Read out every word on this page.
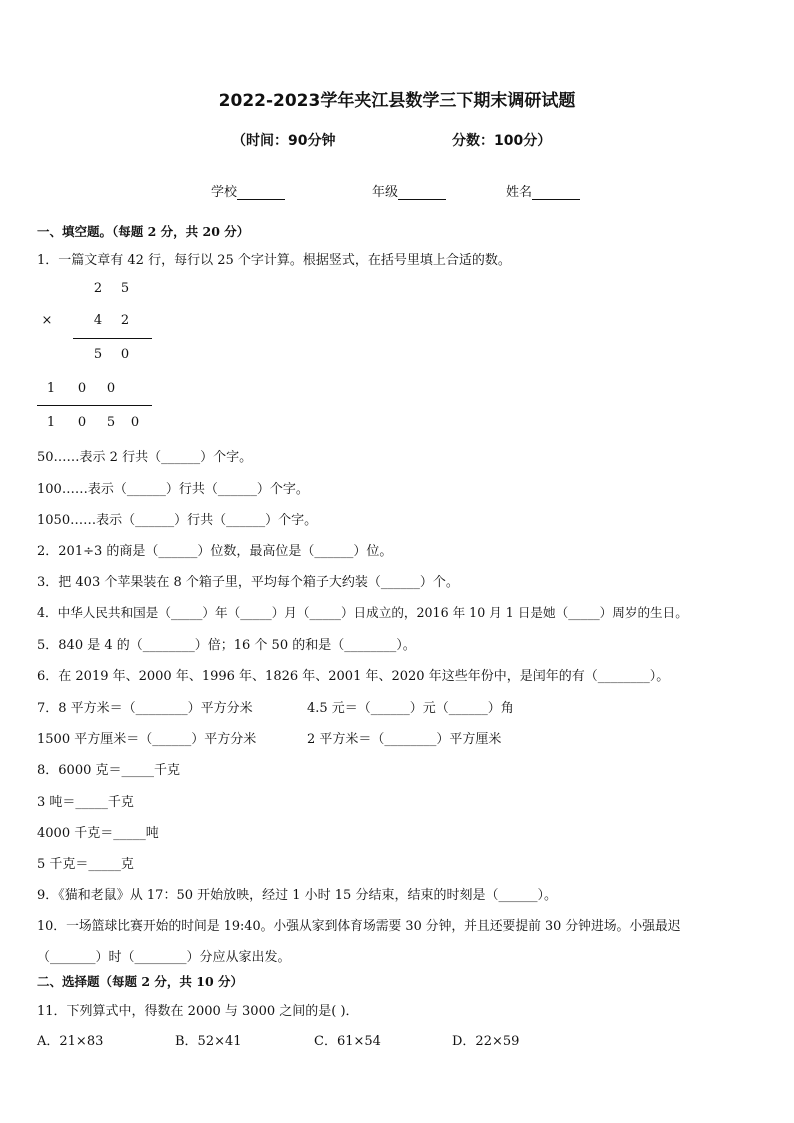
2022-2023学年夹江县数学三下期末调研试题
（时间：90分钟	分数：100分）
学校	年级	姓名
一、填空题。（每题 2 分，共 20 分）
1．一篇文章有 42 行，每行以 25 个字计算。根据竖式，在括号里填上合适的数。
2 5
×	4 2
5 0
1 0 0
1 0 5 0
50……表示 2 行共（______）个字。
100……表示（______）行共（______）个字。
1050……表示（______）行共（______）个字。
2．201÷3 的商是（______）位数，最高位是（______）位。
3．把 403 个苹果装在 8 个箱子里，平均每个箱子大约装（______）个。
4．中华人民共和国是（_____）年（_____）月（_____）日成立的，2016 年 10 月 1 日是她（_____）周岁的生日。
5．840 是 4 的（________）倍；16 个 50 的和是（________）。
6．在 2019 年、2000 年、1996 年、1826 年、2001 年、2020 年这些年份中，是闰年的有（________）。
7．8 平方米＝（________）平方分米	4.5 元＝（______）元（______）角
1500 平方厘米＝（______）平方分米	2 平方米＝（________）平方厘米
8．6000 克＝_____千克
3 吨＝_____千克
4000 千克＝_____吨
5 千克＝_____克
9．《猫和老鼠》从 17：50 开始放映，经过 1 小时 15 分结束，结束的时刻是（______）。
10．一场篮球比赛开始的时间是 19:40。小强从家到体育场需要 30 分钟，并且还要提前 30 分钟进场。小强最迟
（_______）时（________）分应从家出发。
二、选择题（每题 2 分，共 10 分）
11．下列算式中，得数在 2000 与 3000 之间的是( )．
A．21×83	B．52×41	C．61×54	D．22×59
